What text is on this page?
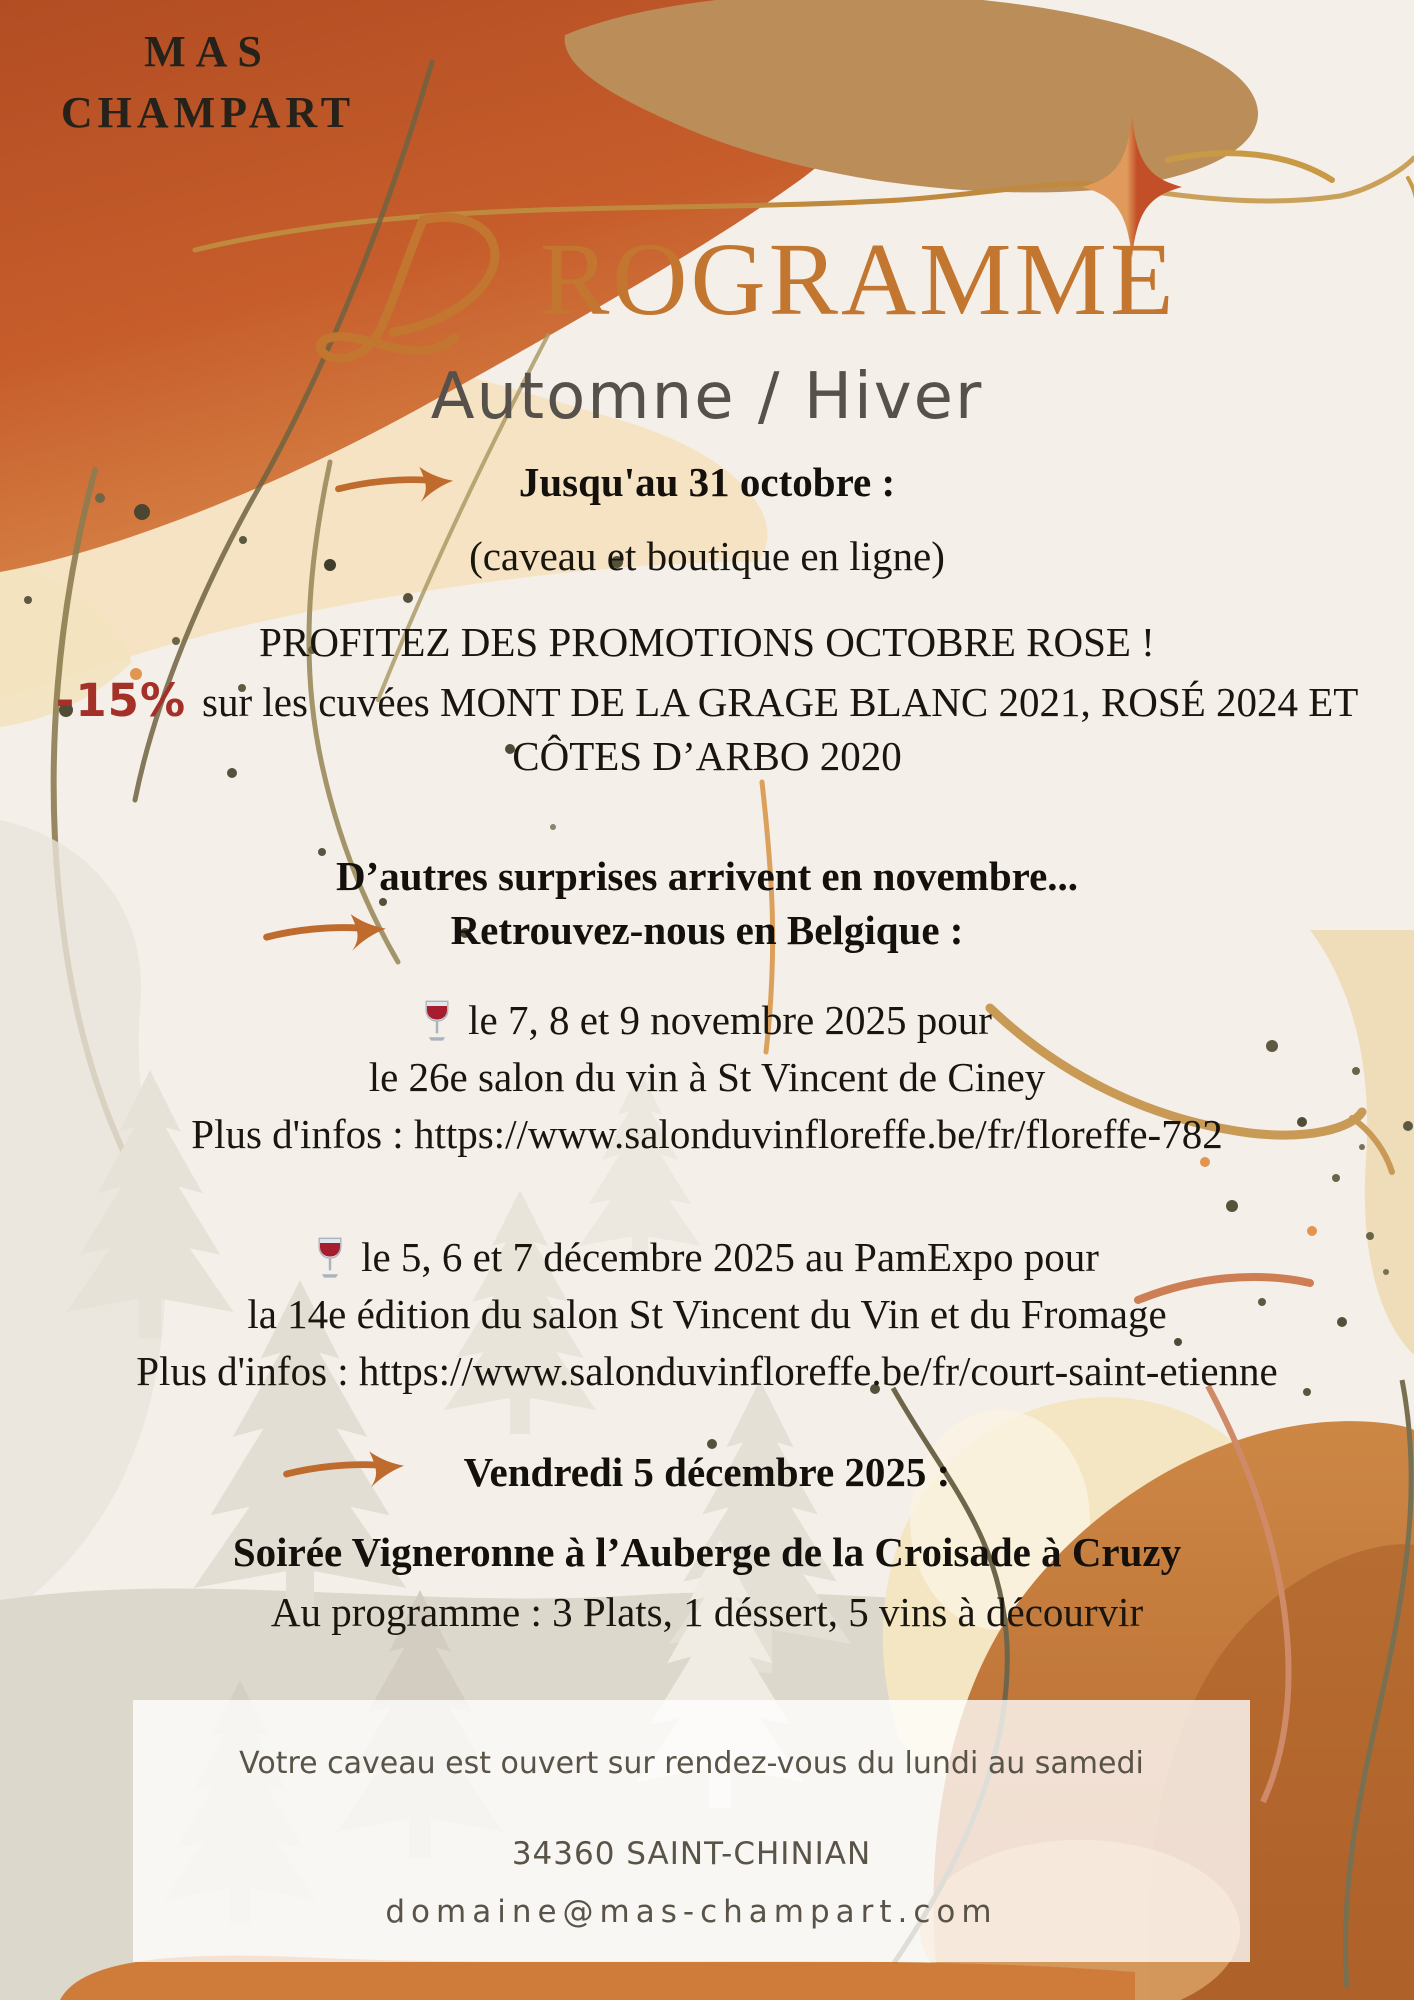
MAS
CHAMPART
ROGRAMME
Automne / Hiver
Jusqu'au 31 octobre :
(caveau et boutique en ligne)
PROFITEZ DES PROMOTIONS OCTOBRE ROSE !
-15% sur les cuvées MONT DE LA GRAGE BLANC 2021, ROSÉ 2024 ET
CÔTES D’ARBO 2020
D’autres surprises arrivent en novembre...
Retrouvez-nous en Belgique :
le 7, 8 et 9 novembre 2025 pour
le 26e salon du vin à St Vincent de Ciney
Plus d'infos : https://www.salonduvinfloreffe.be/fr/floreffe-782
le 5, 6 et 7 décembre 2025 au PamExpo pour
la 14e édition du salon St Vincent du Vin et du Fromage
Plus d'infos : https://www.salonduvinfloreffe.be/fr/court-saint-etienne
Vendredi 5 décembre 2025 :
Soirée Vigneronne à l’Auberge de la Croisade à Cruzy
Au programme : 3 Plats, 1 déssert, 5 vins à décourvir
Votre caveau est ouvert sur rendez-vous du lundi au samedi
34360 SAINT-CHINIAN
domaine@mas-champart.com
